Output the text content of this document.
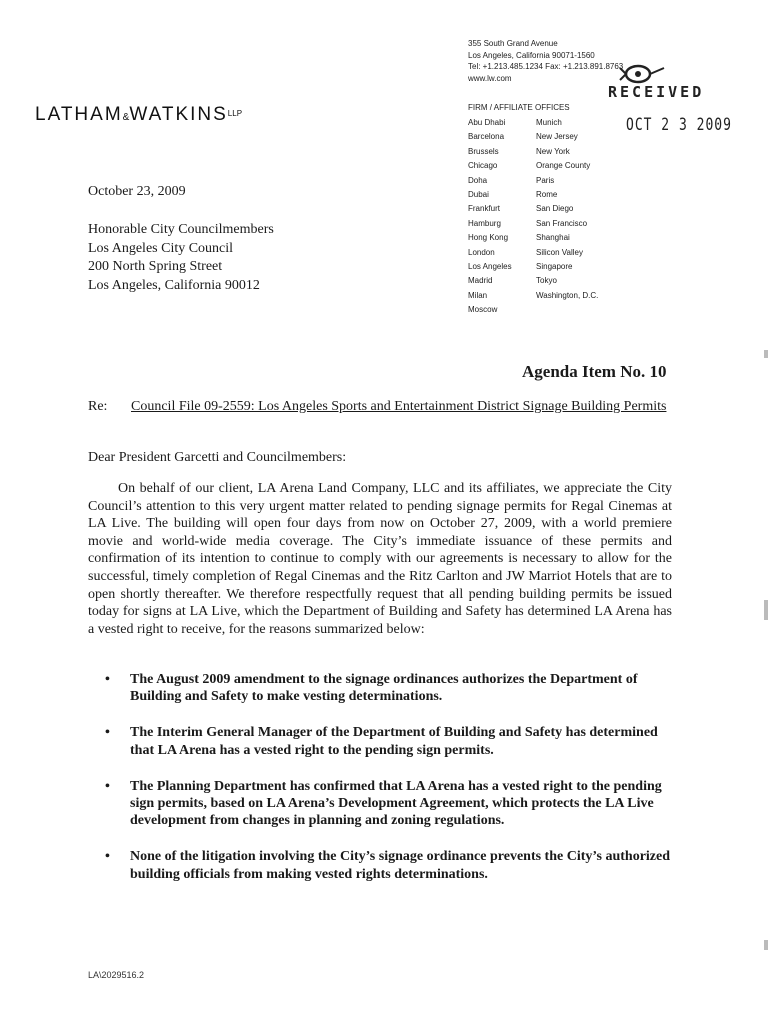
$LATHAM\&WATKINS^{LLP}$
355 South Grand Avenue
Los Angeles, California 90071-1560
Tel: +1.213.485.1234 Fax: +1.213.891.8763
www.lw.com
RECEIVED
OCT 2 3 2009
FIRM / AFFILIATE OFFICES
Abu Dhabi
Barcelona
Brussels
Chicago
Doha
Dubai
Frankfurt
Hamburg
Hong Kong
London
Los Angeles
Madrid
Milan
Moscow
Munich
New Jersey
New York
Orange County
Paris
Rome
San Diego
San Francisco
Shanghai
Silicon Valley
Singapore
Tokyo
Washington, D.C.
October 23, 2009
Honorable City Councilmembers
Los Angeles City Council
200 North Spring Street
Los Angeles, California 90012
Agenda Item No. 10
Re: Council File 09-2559: Los Angeles Sports and Entertainment District Signage Building Permits
Dear President Garcetti and Councilmembers:
On behalf of our client, LA Arena Land Company, LLC and its affiliates, we appreciate the City Council’s attention to this very urgent matter related to pending signage permits for Regal Cinemas at LA Live. The building will open four days from now on October 27, 2009, with a world premiere movie and world-wide media coverage. The City’s immediate issuance of these permits and confirmation of its intention to continue to comply with our agreements is necessary to allow for the successful, timely completion of Regal Cinemas and the Ritz Carlton and JW Marriot Hotels that are to open shortly thereafter. We therefore respectfully request that all pending building permits be issued today for signs at LA Live, which the Department of Building and Safety has determined LA Arena has a vested right to receive, for the reasons summarized below:
• The August 2009 amendment to the signage ordinances authorizes the Department of Building and Safety to make vesting determinations.
• The Interim General Manager of the Department of Building and Safety has determined that LA Arena has a vested right to the pending sign permits.
• The Planning Department has confirmed that LA Arena has a vested right to the pending sign permits, based on LA Arena’s Development Agreement, which protects the LA Live development from changes in planning and zoning regulations.
• None of the litigation involving the City’s signage ordinance prevents the City’s authorized building officials from making vested rights determinations.
LA\2029516.2
